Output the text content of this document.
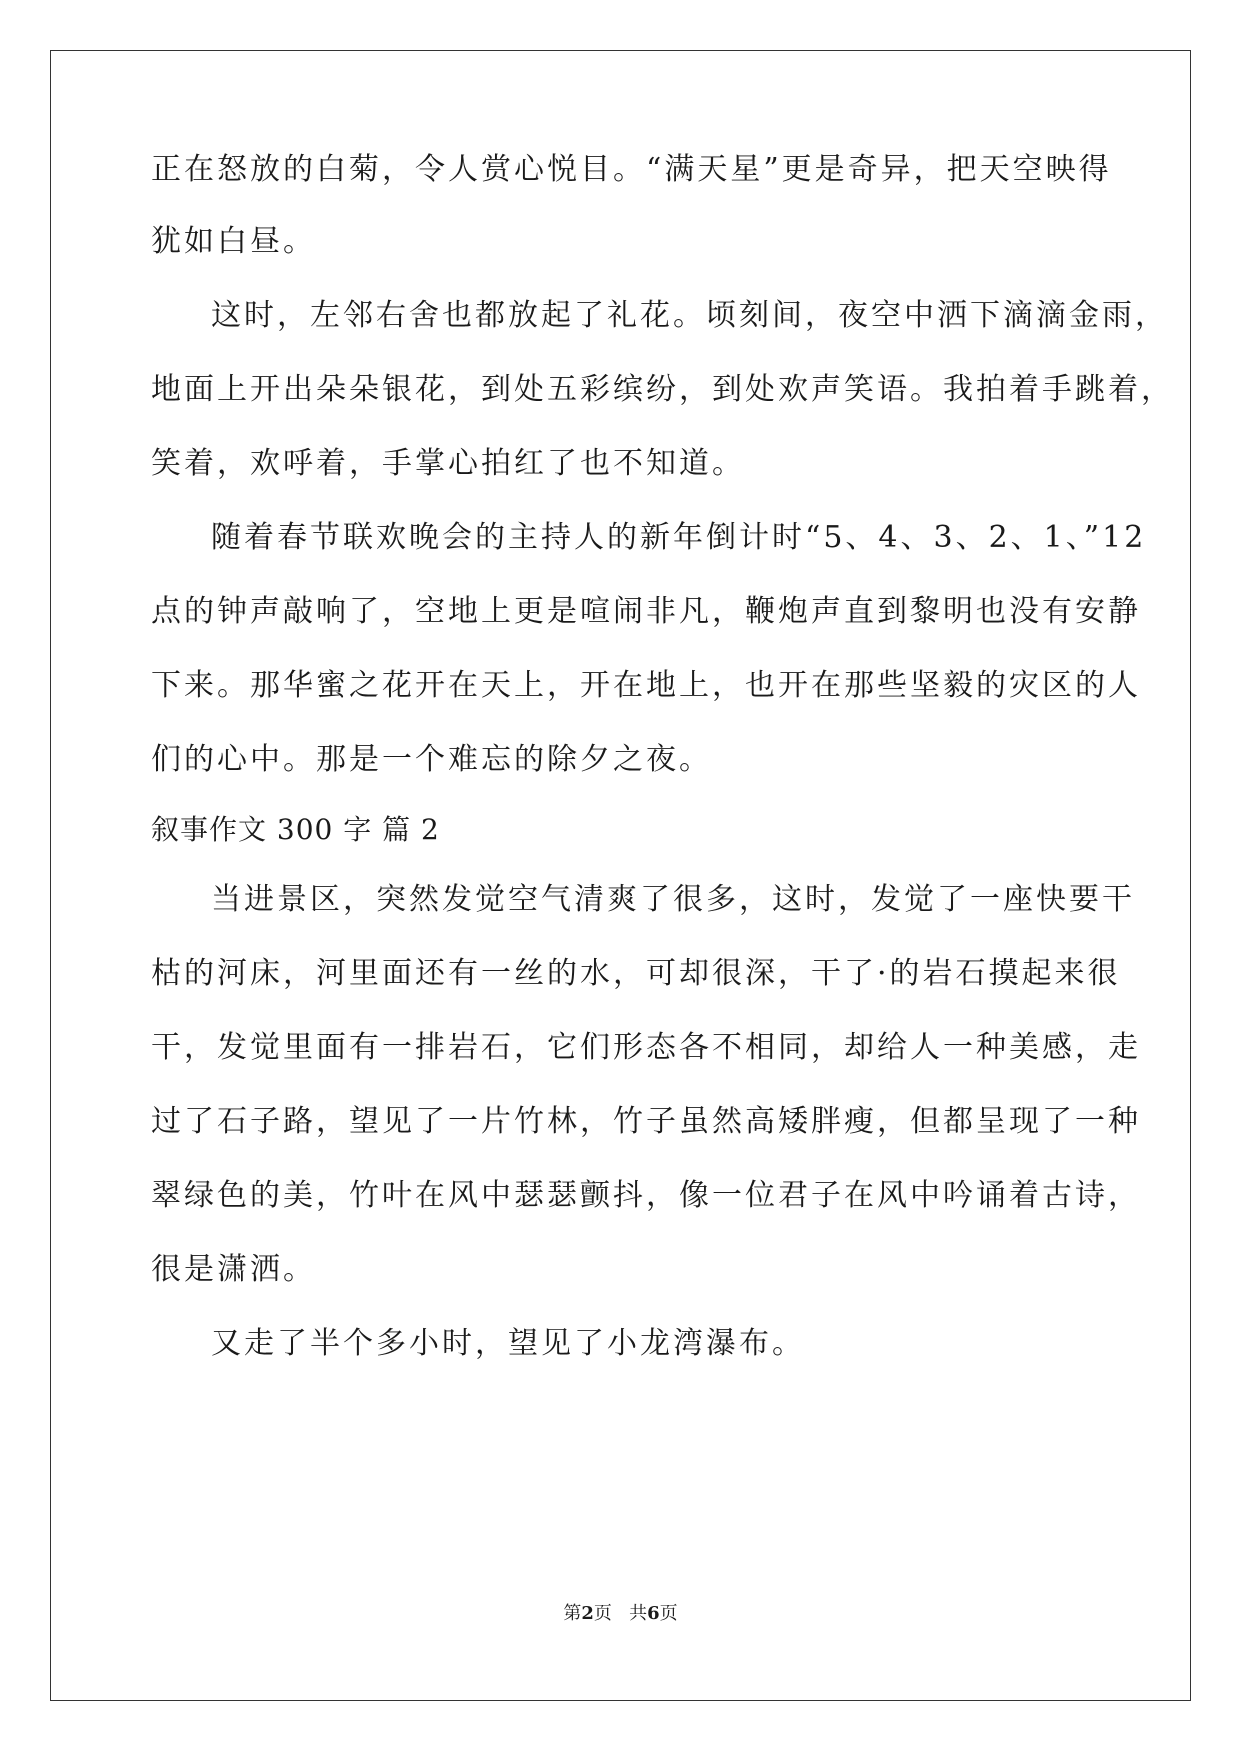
正在怒放的白菊，令人赏心悦目。“满天星”更是奇异，把天空映得
犹如白昼。
这时，左邻右舍也都放起了礼花。顷刻间，夜空中洒下滴滴金雨，
地面上开出朵朵银花，到处五彩缤纷，到处欢声笑语。我拍着手跳着，
笑着，欢呼着，手掌心拍红了也不知道。
随着春节联欢晚会的主持人的新年倒计时“5、4、3、2、1、”12
点的钟声敲响了，空地上更是喧闹非凡，鞭炮声直到黎明也没有安静
下来。那华蜜之花开在天上，开在地上，也开在那些坚毅的灾区的人
们的心中。那是一个难忘的除夕之夜。
叙事作文 300 字 篇 2
当进景区，突然发觉空气清爽了很多，这时，发觉了一座快要干
枯的河床，河里面还有一丝的水，可却很深，干了·的岩石摸起来很
干，发觉里面有一排岩石，它们形态各不相同，却给人一种美感，走
过了石子路，望见了一片竹林，竹子虽然高矮胖瘦，但都呈现了一种
翠绿色的美，竹叶在风中瑟瑟颤抖，像一位君子在风中吟诵着古诗，
很是潇洒。
又走了半个多小时，望见了小龙湾瀑布。
第2页   共6页
